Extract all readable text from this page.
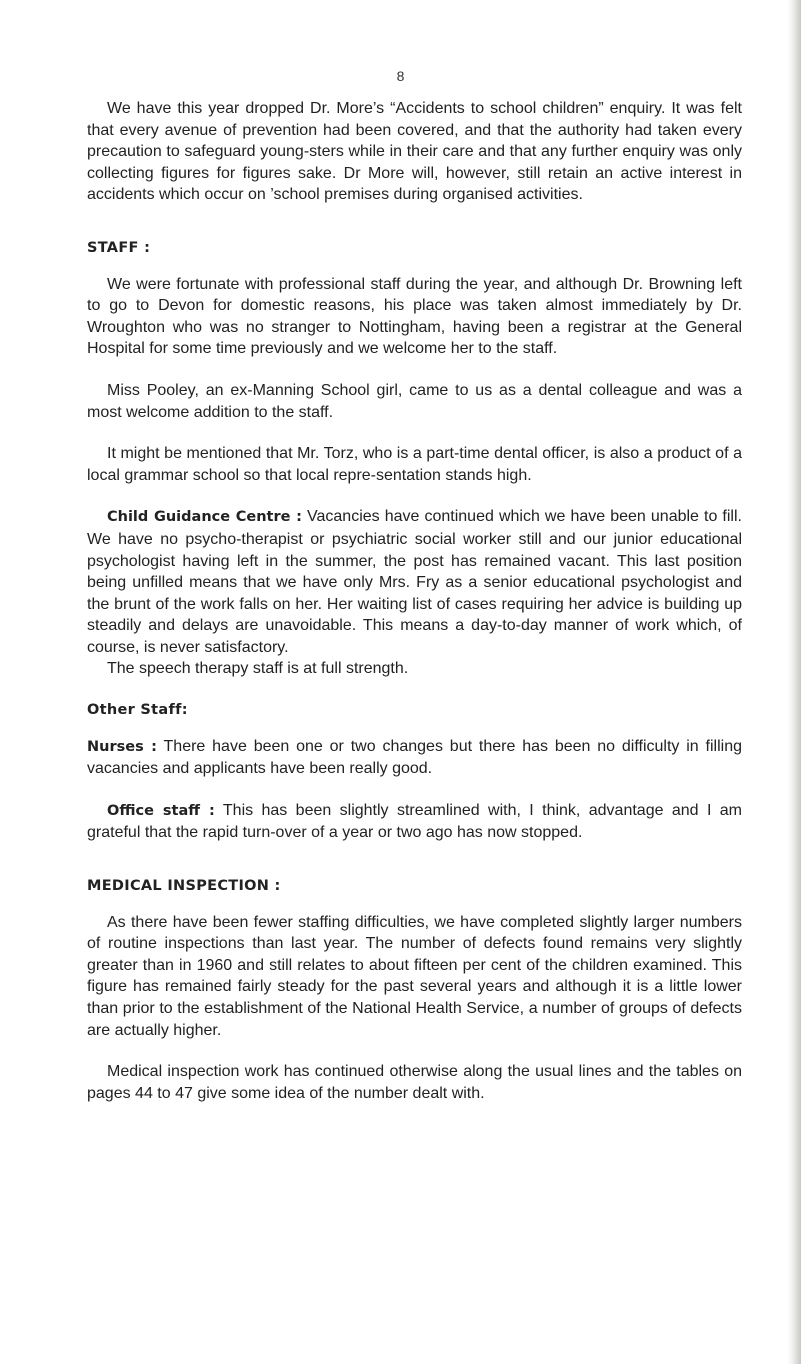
8

We have this year dropped Dr. More’s “Accidents to school children” enquiry. It was felt that every avenue of prevention had been covered, and that the authority had taken every precaution to safeguard young-sters while in their care and that any further enquiry was only collecting figures for figures sake. Dr More will, however, still retain an active interest in accidents which occur on ’school premises during organised activities.

STAFF :

We were fortunate with professional staff during the year, and although Dr. Browning left to go to Devon for domestic reasons, his place was taken almost immediately by Dr. Wroughton who was no stranger to Nottingham, having been a registrar at the General Hospital for some time previously and we welcome her to the staff.

Miss Pooley, an ex-Manning School girl, came to us as a dental colleague and was a most welcome addition to the staff.

It might be mentioned that Mr. Torz, who is a part-time dental officer, is also a product of a local grammar school so that local repre-sentation stands high.

Child Guidance Centre : Vacancies have continued which we have been unable to fill. We have no psycho-therapist or psychiatric social worker still and our junior educational psychologist having left in the summer, the post has remained vacant. This last position being unfilled means that we have only Mrs. Fry as a senior educational psychologist and the brunt of the work falls on her. Her waiting list of cases requiring her advice is building up steadily and delays are unavoidable. This means a day-to-day manner of work which, of course, is never satisfactory.

The speech therapy staff is at full strength.

Other Staff:

Nurses : There have been one or two changes but there has been no difficulty in filling vacancies and applicants have been really good.

Office staff : This has been slightly streamlined with, I think, advantage and I am grateful that the rapid turn-over of a year or two ago has now stopped.

MEDICAL INSPECTION :

As there have been fewer staffing difficulties, we have completed slightly larger numbers of routine inspections than last year. The number of defects found remains very slightly greater than in 1960 and still relates to about fifteen per cent of the children examined. This figure has remained fairly steady for the past several years and although it is a little lower than prior to the establishment of the National Health Service, a number of groups of defects are actually higher.

Medical inspection work has continued otherwise along the usual lines and the tables on pages 44 to 47 give some idea of the number dealt with.
